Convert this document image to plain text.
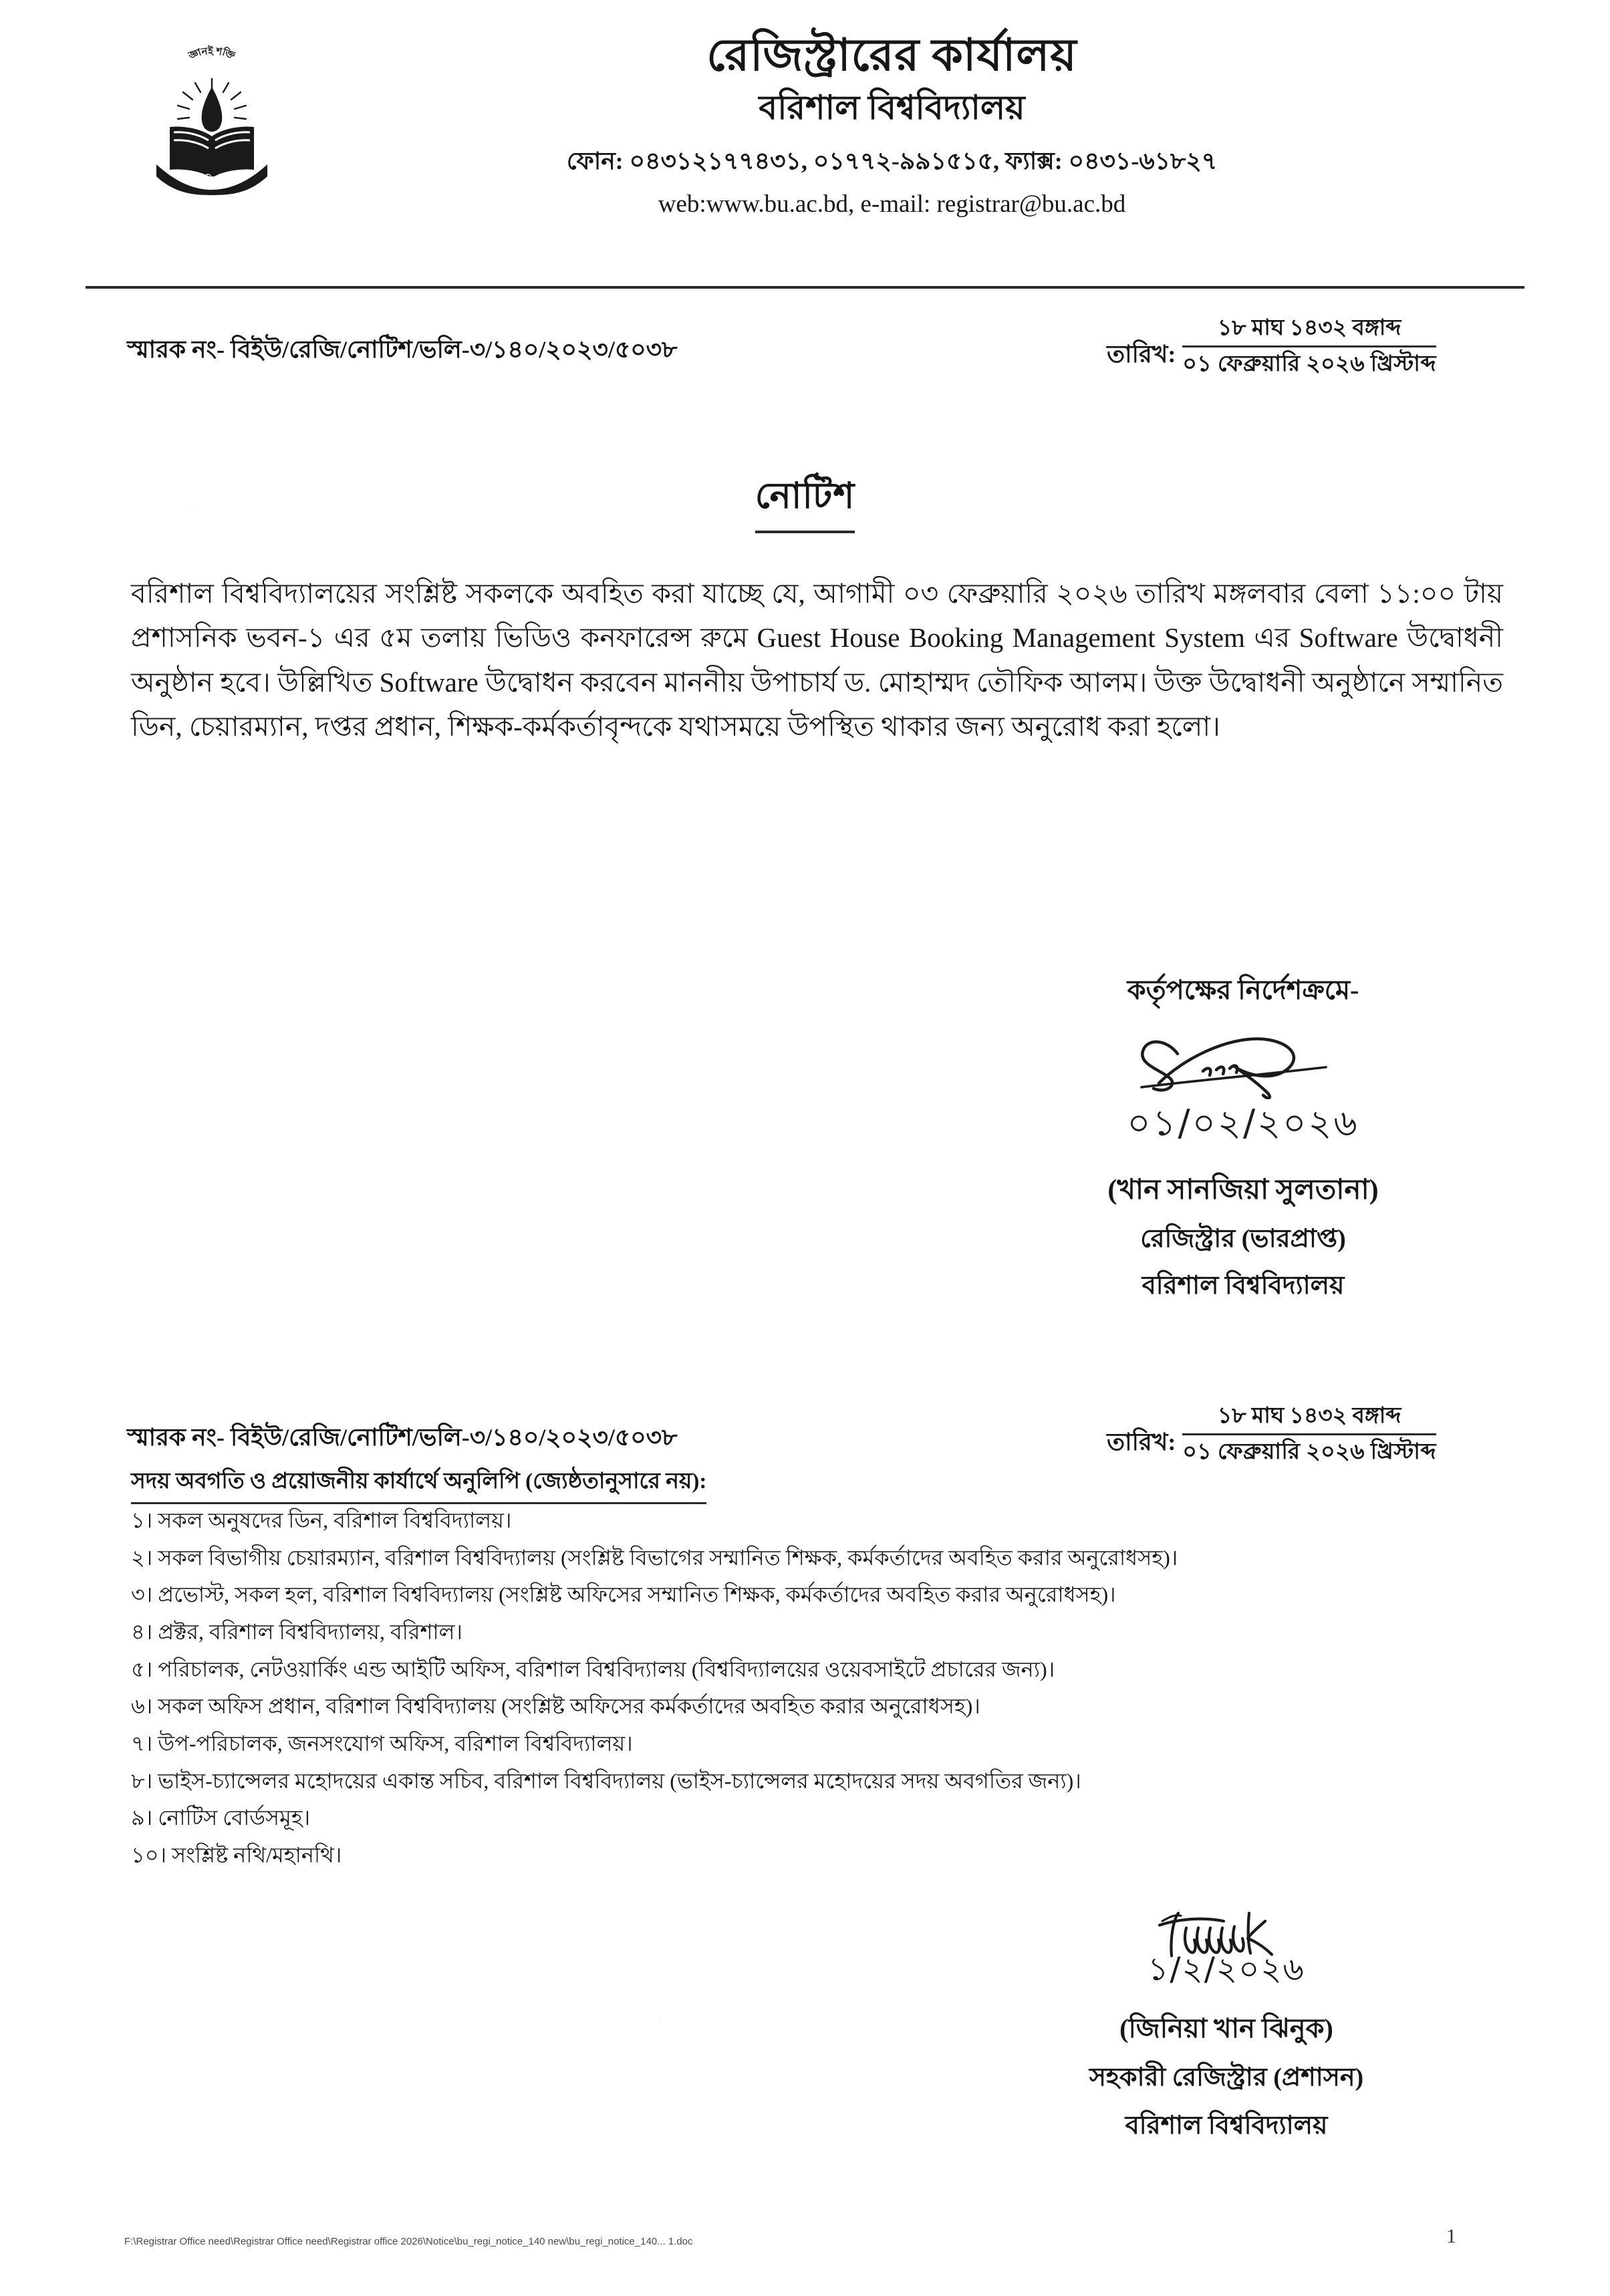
জ্ঞানই শক্তি
বরিশাল বিশ্ববিদ্যালয়
রেজিস্ট্রারের কার্যালয়
বরিশাল বিশ্ববিদ্যালয়
ফোন: ০৪৩১২১৭৭৪৩১, ০১৭৭২-৯৯১৫১৫, ফ্যাক্স: ০৪৩১-৬১৮২৭
web:www.bu.ac.bd, e-mail: registrar@bu.ac.bd
স্মারক নং- বিইউ/রেজি/নোটিশ/ভলি-৩/১৪০/২০২৩/৫০৩৮	তারিখ:
১৮ মাঘ ১৪৩২ বঙ্গাব্দ
০১ ফেব্রুয়ারি ২০২৬ খ্রিস্টাব্দ
নোটিশ
বরিশাল বিশ্ববিদ্যালয়ের সংশ্লিষ্ট সকলকে অবহিত করা যাচ্ছে যে, আগামী ০৩ ফেব্রুয়ারি ২০২৬ তারিখ মঙ্গলবার বেলা ১১:০০ টায় প্রশাসনিক ভবন-১ এর ৫ম তলায় ভিডিও কনফারেন্স রুমে Guest House Booking Management System এর Software উদ্বোধনী অনুষ্ঠান হবে। উল্লিখিত Software উদ্বোধন করবেন মাননীয় উপাচার্য ড. মোহাম্মদ তৌফিক আলম। উক্ত উদ্বোধনী অনুষ্ঠানে সম্মানিত ডিন, চেয়ারম্যান, দপ্তর প্রধান, শিক্ষক-কর্মকর্তাবৃন্দকে যথাসময়ে উপস্থিত থাকার জন্য অনুরোধ করা হলো।
কর্তৃপক্ষের নির্দেশক্রমে-
০১/০২/২০২৬
(খান সানজিয়া সুলতানা)
রেজিস্ট্রার (ভারপ্রাপ্ত)
বরিশাল বিশ্ববিদ্যালয়
স্মারক নং- বিইউ/রেজি/নোটিশ/ভলি-৩/১৪০/২০২৩/৫০৩৮	তারিখ:
১৮ মাঘ ১৪৩২ বঙ্গাব্দ
০১ ফেব্রুয়ারি ২০২৬ খ্রিস্টাব্দ
সদয় অবগতি ও প্রয়োজনীয় কার্যার্থে অনুলিপি (জ্যেষ্ঠতানুসারে নয়):
১। সকল অনুষদের ডিন, বরিশাল বিশ্ববিদ্যালয়।
২। সকল বিভাগীয় চেয়ারম্যান, বরিশাল বিশ্ববিদ্যালয় (সংশ্লিষ্ট বিভাগের সম্মানিত শিক্ষক, কর্মকর্তাদের অবহিত করার অনুরোধসহ)।
৩। প্রভোস্ট, সকল হল, বরিশাল বিশ্ববিদ্যালয় (সংশ্লিষ্ট অফিসের সম্মানিত শিক্ষক, কর্মকর্তাদের অবহিত করার অনুরোধসহ)।
৪। প্রক্টর, বরিশাল বিশ্ববিদ্যালয়, বরিশাল।
৫। পরিচালক, নেটওয়ার্কিং এন্ড আইটি অফিস, বরিশাল বিশ্ববিদ্যালয় (বিশ্ববিদ্যালয়ের ওয়েবসাইটে প্রচারের জন্য)।
৬। সকল অফিস প্রধান, বরিশাল বিশ্ববিদ্যালয় (সংশ্লিষ্ট অফিসের কর্মকর্তাদের অবহিত করার অনুরোধসহ)।
৭। উপ-পরিচালক, জনসংযোগ অফিস, বরিশাল বিশ্ববিদ্যালয়।
৮। ভাইস-চ্যান্সেলর মহোদয়ের একান্ত সচিব, বরিশাল বিশ্ববিদ্যালয় (ভাইস-চ্যান্সেলর মহোদয়ের সদয় অবগতির জন্য)।
৯। নোটিস বোর্ডসমূহ।
১০। সংশ্লিষ্ট নথি/মহানথি।
১/২/২০২৬
(জিনিয়া খান ঝিনুক)
সহকারী রেজিস্ট্রার (প্রশাসন)
বরিশাল বিশ্ববিদ্যালয়
F:\Registrar Office need\Registrar Office need\Registrar office 2026\Notice\bu_regi_notice_140 new\bu_regi_notice_140... 1.doc	1
